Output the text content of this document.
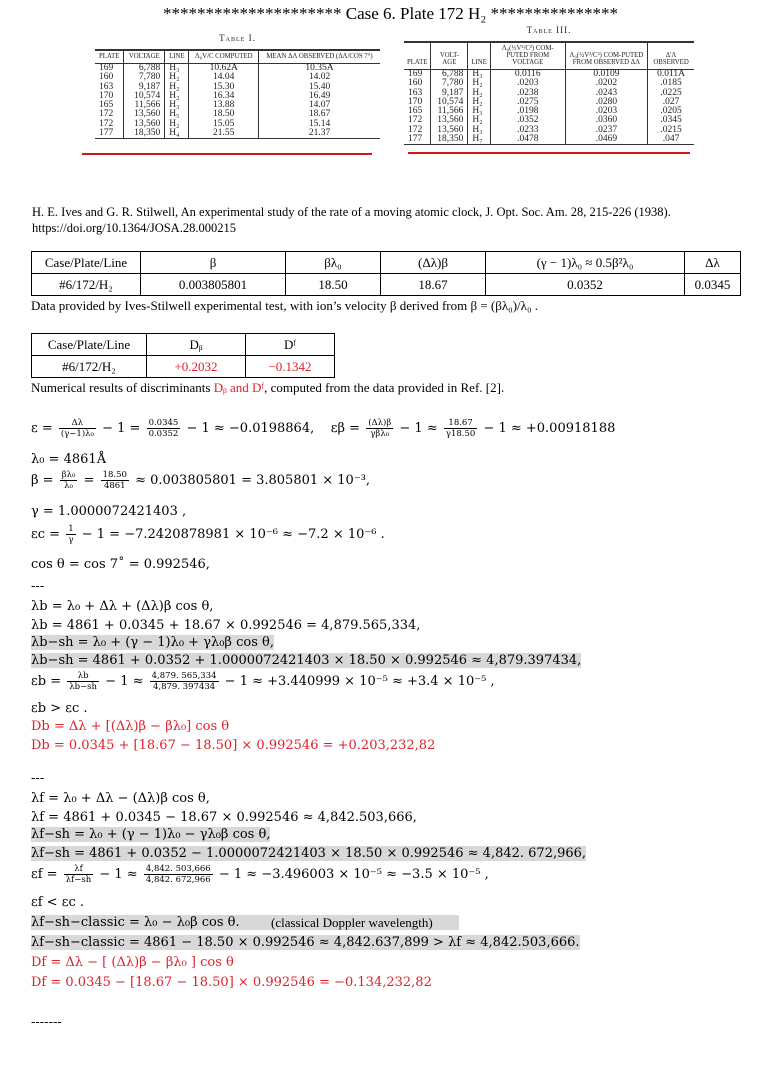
********************* Case 6. Plate 172 H₂ ***************
Table I.
PLATE	VOLTAGE	LINE	Λ₀V/C COMPUTED	MEAN ΔΛ OBSERVED (ΔΛ/COS 7°)
169	6,788	H₃	10.62A	10.35A
160	7,780	H₂	14.04	14.02
163	9,187	H₂	15.30	15.40
170	10,574	H₂	16.34	16.49
165	11,566	H₃	13.88	14.07
172	13,560	H₅	18.50	18.67
172	13,560	H₂	15.05	15.14
177	18,350	H₄	21.55	21.37
Table III.
PLATE	VOLT-AGE	LINE	Λ₀(½V²/C²) COM-PUTED FROM VOLTAGE	Λ₀(½V²/C²) COM-PUTED FROM OBSERVED ΔΛ	Δ'Λ OBSERVED
169	6,788	H₃	0.0116	0.0109	0.011A
160	7,780	H₂	.0203	.0202	.0185
163	9,187	H₂	.0238	.0243	.0225
170	10,574	H₂	.0275	.0280	.027
165	11,566	H₃	.0198	.0203	.0205
172	13,560	H₂	.0352	.0360	.0345
172	13,560	H₃	.0233	.0237	.0215
177	18,350	H₇	.0478	.0469	.047
H. E. Ives and G. R. Stilwell, An experimental study of the rate of a moving atomic clock, J. Opt. Soc. Am. 28, 215-226 (1938). https://doi.org/10.1364/JOSA.28.000215
Case/Plate/Line	β	βλ₀	(Δλ)β	(γ − 1)λ₀ ≈ 0.5β²λ₀	Δλ
#6/172/H₂	0.003805801	18.50	18.67	0.0352	0.0345
Data provided by Ives-Stilwell experimental test, with ion’s velocity β derived from β = (βλ₀)/λ₀ .
Case/Plate/Line	Dᵦ	Dᶠ
#6/172/H₂	+0.2032	−0.1342
Numerical results of discriminants Dᵦ and Dᶠ, computed from the data provided in Ref. [2].
$\varepsilon = \frac{\Delta\lambda}{\text{(γ−1)λ₀}} - 1 = \frac{0.0345}{0.0352} - 1 \approx -0.0198864$, $\varepsilon\beta = \frac{(\Delta\lambda)\beta}{\text{γβλ₀}} - 1 \approx \frac{18.67}{\gamma 18.50} - 1 \approx +0.00918188$
λ₀ = 4861Å
$\beta = \frac{\text{βλ₀}}{\text{λ₀}} = \frac{18.50}{4861} \approx 0.003805801 = 3.805801 \times 10^{-3}$,
γ = 1.0000072421403 ,
$\varepsilon c = \frac{1}{\gamma} - 1 = -7.2420878981 \times 10^{-6} \approx -7.2 \times 10^{-6}$ .
cos θ = cos 7˚ = 0.992546,
---
λb = λ₀ + Δλ + (Δλ)β cos θ,
λb = 4861 + 0.0345 + 18.67 × 0.992546 = 4,879.565,334,
λb−sh = λ₀ + (γ − 1)λ₀ + γλ₀β cos θ,
λb−sh = 4861 + 0.0352 + 1.0000072421403 × 18.50 × 0.992546 ≈ 4,879.397434,
$\varepsilon b = \frac{\lambda b}{\lambda b-sh} - 1 \approx \frac{4,879. 565,334}{4,879. 397434} - 1 \approx +3.440999 \times 10^{-5} \approx +3.4 \times 10^{-5}$ ,
εb > εc .
Db = Δλ + [(Δλ)β − βλ₀] cos θ
Db = 0.0345 + [18.67 − 18.50] × 0.992546 = +0.203,232,82
---
λf = λ₀ + Δλ − (Δλ)β cos θ,
λf = 4861 + 0.0345 − 18.67 × 0.992546 ≈ 4,842.503,666,
λf−sh = λ₀ + (γ − 1)λ₀ − γλ₀β cos θ,
λf−sh = 4861 + 0.0352 − 1.0000072421403 × 18.50 × 0.992546 ≈ 4,842. 672,966,
$\varepsilon f = \frac{\lambda f}{\lambda f-sh} - 1 \approx \frac{4,842. 503,666}{4,842. 672,966} - 1 \approx -3.496003 \times 10^{-5} \approx -3.5 \times 10^{-5}$ ,
εf < εc .
λf−sh−classic = λ₀ − λ₀β cos θ. (classical Doppler wavelength)
λf−sh−classic = 4861 − 18.50 × 0.992546 ≈ 4,842.637,899 > λf ≈ 4,842.503,666.
Df = Δλ − [ (Δλ)β − βλ₀ ] cos θ
Df = 0.0345 − [18.67 − 18.50] × 0.992546 = −0.134,232,82
-------
